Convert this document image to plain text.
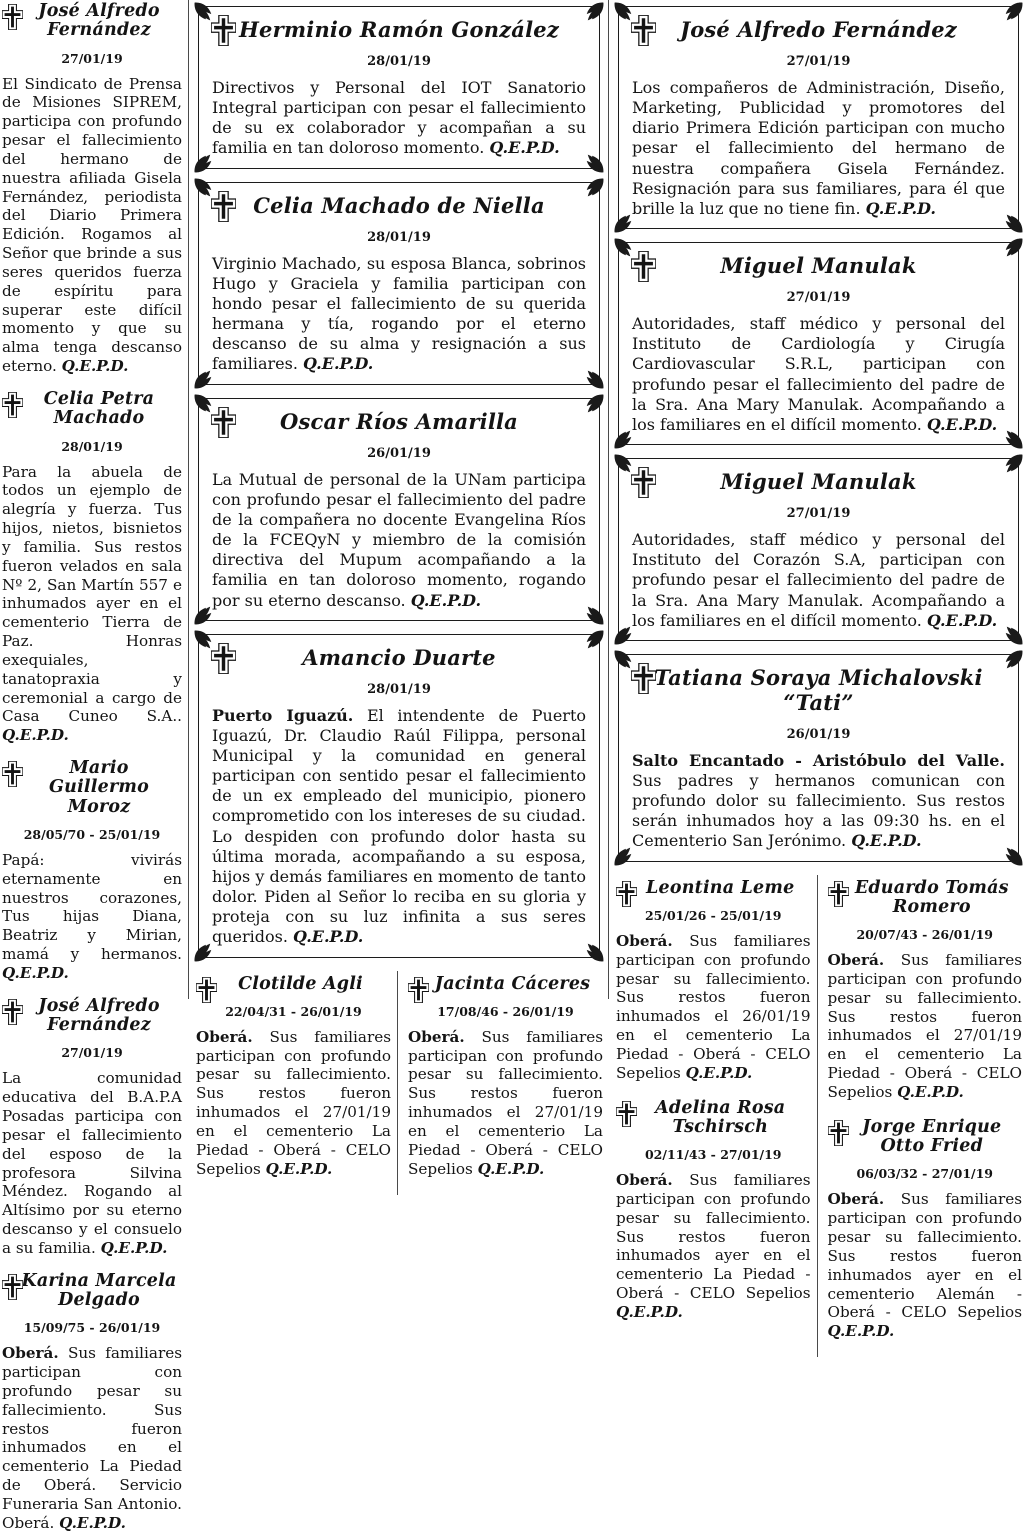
José Alfredo Fernández
27/01/19

El Sindicato de Prensa de Misiones SIPREM, participa con profundo pesar el fallecimiento del hermano de nuestra afiliada Gisela Fernández, periodista del Diario Primera Edición. Rogamos al Señor que brinde a sus seres queridos fuerza de espíritu para superar este difícil momento y que su alma tenga descanso eterno. Q.E.P.D.

Celia Petra Machado
28/01/19

Para la abuela de todos un ejemplo de alegría y fuerza. Tus hijos, nietos, bisnietos y familia. Sus restos fueron velados en sala Nº 2, San Martín 557 e inhumados ayer en el cementerio Tierra de Paz. Honras exequiales, tanatopraxia y ceremonial a cargo de Casa Cuneo S.A.. Q.E.P.D.

Mario Guillermo Moroz
28/05/70 - 25/01/19

Papá: vivirás eternamente en nuestros corazones, Tus hijas Diana, Beatriz y Mirian, mamá y hermanos. Q.E.P.D.

José Alfredo Fernández
27/01/19

La comunidad educativa del B.A.P.A Posadas participa con pesar el fallecimiento del esposo de la profesora Silvina Méndez. Rogando al Altísimo por su eterno descanso y el consuelo a su familia. Q.E.P.D.

Karina Marcela Delgado
15/09/75 - 26/01/19

Oberá. Sus familiares participan con profundo pesar su fallecimiento. Sus restos fueron inhumados en el cementerio La Piedad de Oberá. Servicio Funeraria San Antonio. Oberá. Q.E.P.D.

Herminio Ramón González
28/01/19

Directivos y Personal del IOT Sanatorio Integral participan con pesar el fallecimiento de su ex colaborador y acompañan a su familia en tan doloroso momento. Q.E.P.D.

Celia Machado de Niella
28/01/19

Virginio Machado, su esposa Blanca, sobrinos Hugo y Graciela y familia participan con hondo pesar el fallecimiento de su querida hermana y tía, rogando por el eterno descanso de su alma y resignación a sus familiares. Q.E.P.D.

Oscar Ríos Amarilla
26/01/19

La Mutual de personal de la UNam participa con profundo pesar el fallecimiento del padre de la compañera no docente Evangelina Ríos de la FCEQyN y miembro de la comisión directiva del Mupum acompañando a la familia en tan doloroso momento, rogando por su eterno descanso. Q.E.P.D.

Amancio Duarte
28/01/19

Puerto Iguazú. El intendente de Puerto Iguazú, Dr. Claudio Raúl Filippa, personal Municipal y la comunidad en general participan con sentido pesar el fallecimiento de un ex empleado del municipio, pionero comprometido con los intereses de su ciudad. Lo despiden con profundo dolor hasta su última morada, acompañando a su esposa, hijos y demás familiares en momento de tanto dolor. Piden al Señor lo reciba en su gloria y proteja con su luz infinita a sus seres queridos. Q.E.P.D.

Clotilde Agli
22/04/31 - 26/01/19

Oberá. Sus familiares participan con profundo pesar su fallecimiento. Sus restos fueron inhumados el 27/01/19 en el cementerio La Piedad - Oberá - CELO Sepelios Q.E.P.D.

Jacinta Cáceres
17/08/46 - 26/01/19

Oberá. Sus familiares participan con profundo pesar su fallecimiento. Sus restos fueron inhumados el 27/01/19 en el cementerio La Piedad - Oberá - CELO Sepelios Q.E.P.D.

José Alfredo Fernández
27/01/19

Los compañeros de Administración, Diseño, Marketing, Publicidad y promotores del diario Primera Edición participan con mucho pesar el fallecimiento del hermano de nuestra compañera Gisela Fernández. Resignación para sus familiares, para él que brille la luz que no tiene fin. Q.E.P.D.

Miguel Manulak
27/01/19

Autoridades, staff médico y personal del Instituto de Cardiología y Cirugía Cardiovascular S.R.L, participan con profundo pesar el fallecimiento del padre de la Sra. Ana Mary Manulak. Acompañando a los familiares en el difícil momento. Q.E.P.D.

Miguel Manulak
27/01/19

Autoridades, staff médico y personal del Instituto del Corazón S.A, participan con profundo pesar el fallecimiento del padre de la Sra. Ana Mary Manulak. Acompañando a los familiares en el difícil momento. Q.E.P.D.

Tatiana Soraya Michalovski “Tati”
26/01/19

Salto Encantado - Aristóbulo del Valle. Sus padres y hermanos comunican con profundo dolor su fallecimiento. Sus restos serán inhumados hoy a las 09:30 hs. en el Cementerio San Jerónimo. Q.E.P.D.

Leontina Leme
25/01/26 - 25/01/19

Oberá. Sus familiares participan con profundo pesar su fallecimiento. Sus restos fueron inhumados el 26/01/19 en el cementerio La Piedad - Oberá - CELO Sepelios Q.E.P.D.

Adelina Rosa Tschirsch
02/11/43 - 27/01/19

Oberá. Sus familiares participan con profundo pesar su fallecimiento. Sus restos fueron inhumados ayer en el cementerio La Piedad - Oberá - CELO Sepelios Q.E.P.D.

Eduardo Tomás Romero
20/07/43 - 26/01/19

Oberá. Sus familiares participan con profundo pesar su fallecimiento. Sus restos fueron inhumados el 27/01/19 en el cementerio La Piedad - Oberá - CELO Sepelios Q.E.P.D.

Jorge Enrique Otto Fried
06/03/32 - 27/01/19

Oberá. Sus familiares participan con profundo pesar su fallecimiento. Sus restos fueron inhumados ayer en el cementerio Alemán - Oberá - CELO Sepelios Q.E.P.D.
